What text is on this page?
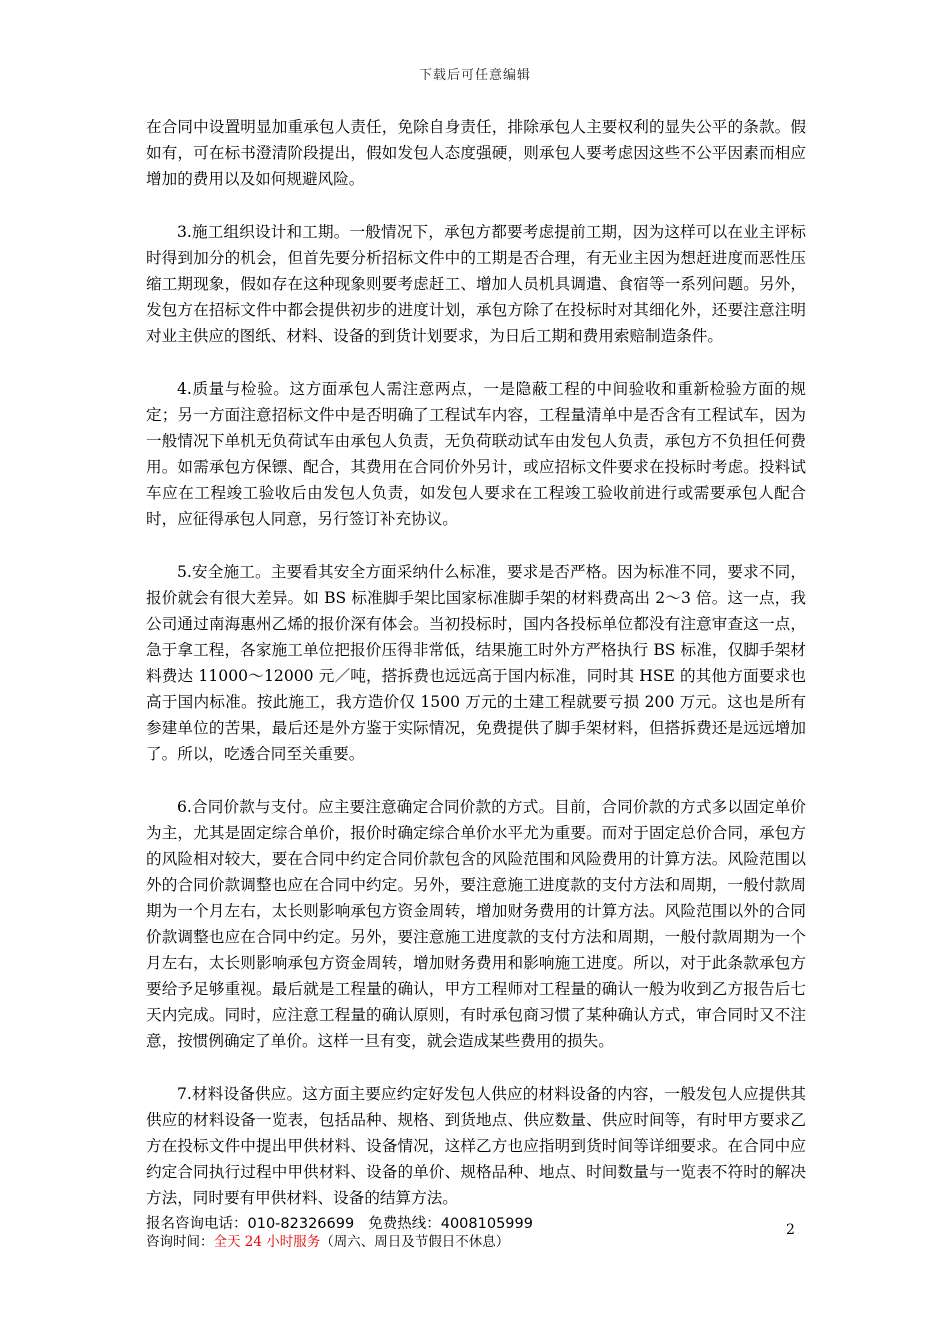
下载后可任意编辑

在合同中设置明显加重承包人责任，免除自身责任，排除承包人主要权利的显失公平的条款。假如有，可在标书澄清阶段提出，假如发包人态度强硬，则承包人要考虑因这些不公平因素而相应增加的费用以及如何规避风险。

3.施工组织设计和工期。一般情况下，承包方都要考虑提前工期，因为这样可以在业主评标时得到加分的机会，但首先要分析招标文件中的工期是否合理，有无业主因为想赶进度而恶性压缩工期现象，假如存在这种现象则要考虑赶工、增加人员机具调遣、食宿等一系列问题。另外，发包方在招标文件中都会提供初步的进度计划，承包方除了在投标时对其细化外，还要注意注明对业主供应的图纸、材料、设备的到货计划要求，为日后工期和费用索赔制造条件。

4.质量与检验。这方面承包人需注意两点，一是隐蔽工程的中间验收和重新检验方面的规定；另一方面注意招标文件中是否明确了工程试车内容，工程量清单中是否含有工程试车，因为一般情况下单机无负荷试车由承包人负责，无负荷联动试车由发包人负责，承包方不负担任何费用。如需承包方保镖、配合，其费用在合同价外另计，或应招标文件要求在投标时考虑。投料试车应在工程竣工验收后由发包人负责，如发包人要求在工程竣工验收前进行或需要承包人配合时，应征得承包人同意，另行签订补充协议。

5.安全施工。主要看其安全方面采纳什么标准，要求是否严格。因为标准不同，要求不同，报价就会有很大差异。如 BS 标准脚手架比国家标准脚手架的材料费高出 2～3 倍。这一点，我公司通过南海惠州乙烯的报价深有体会。当初投标时，国内各投标单位都没有注意审查这一点，急于拿工程，各家施工单位把报价压得非常低，结果施工时外方严格执行 BS 标准，仅脚手架材料费达 11000～12000 元／吨，搭拆费也远远高于国内标准，同时其 HSE 的其他方面要求也高于国内标准。按此施工，我方造价仅 1500 万元的土建工程就要亏损 200 万元。这也是所有参建单位的苦果，最后还是外方鉴于实际情况，免费提供了脚手架材料，但搭拆费还是远远增加了。所以，吃透合同至关重要。

6.合同价款与支付。应主要注意确定合同价款的方式。目前，合同价款的方式多以固定单价为主，尤其是固定综合单价，报价时确定综合单价水平尤为重要。而对于固定总价合同，承包方的风险相对较大，要在合同中约定合同价款包含的风险范围和风险费用的计算方法。风险范围以外的合同价款调整也应在合同中约定。另外，要注意施工进度款的支付方法和周期，一般付款周期为一个月左右，太长则影响承包方资金周转，增加财务费用的计算方法。风险范围以外的合同价款调整也应在合同中约定。另外，要注意施工进度款的支付方法和周期，一般付款周期为一个月左右，太长则影响承包方资金周转，增加财务费用和影响施工进度。所以，对于此条款承包方要给予足够重视。最后就是工程量的确认，甲方工程师对工程量的确认一般为收到乙方报告后七天内完成。同时，应注意工程量的确认原则，有时承包商习惯了某种确认方式，审合同时又不注意，按惯例确定了单价。这样一旦有变，就会造成某些费用的损失。

7.材料设备供应。这方面主要应约定好发包人供应的材料设备的内容，一般发包人应提供其供应的材料设备一览表，包括品种、规格、到货地点、供应数量、供应时间等，有时甲方要求乙方在投标文件中提出甲供材料、设备情况，这样乙方也应指明到货时间等详细要求。在合同中应约定合同执行过程中甲供材料、设备的单价、规格品种、地点、时间数量与一览表不符时的解决方法，同时要有甲供材料、设备的结算方法。

报名咨询电话：010-82326699 免费热线：4008105999
咨询时间：全天 24 小时服务（周六、周日及节假日不休息）
2
